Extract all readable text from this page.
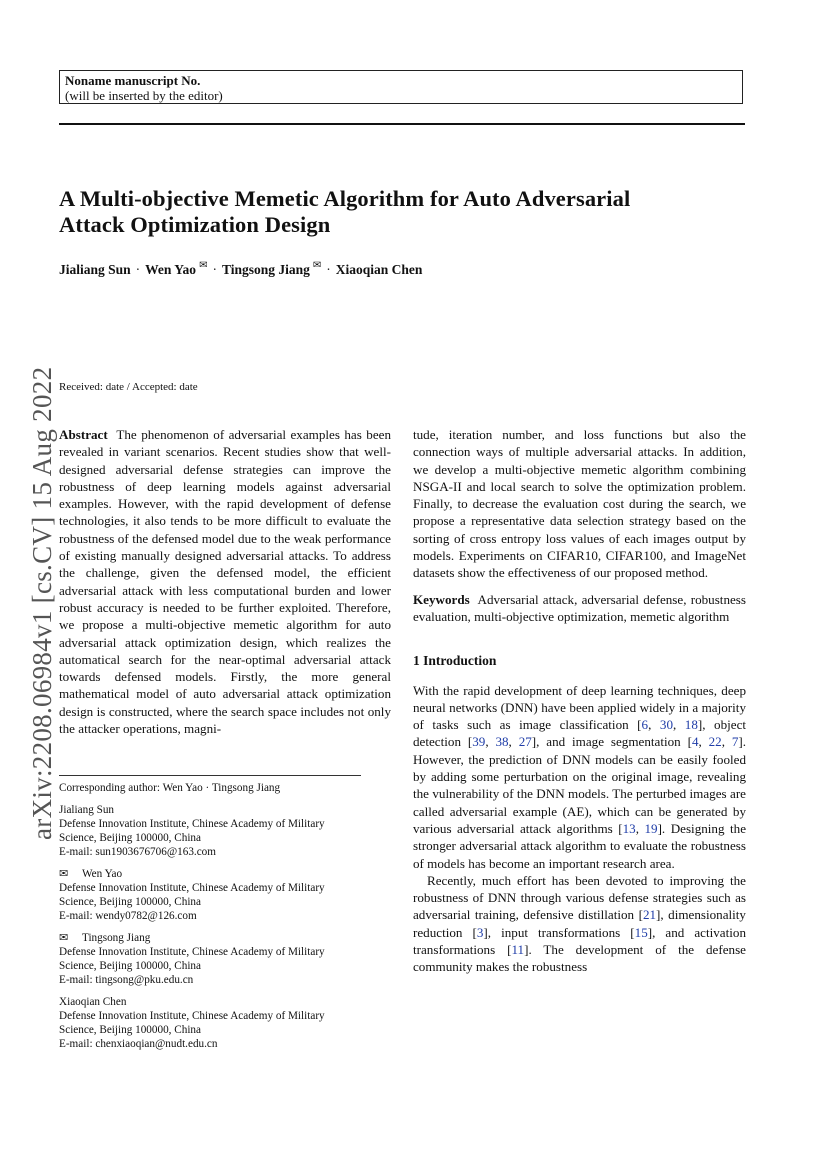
Noname manuscript No.
(will be inserted by the editor)
A Multi-objective Memetic Algorithm for Auto Adversarial
Attack Optimization Design
Jialiang Sun · Wen Yao ✉ · Tingsong Jiang ✉ · Xiaoqian Chen
arXiv:2208.06984v1 [cs.CV] 15 Aug 2022 Received: date / Accepted: date

Abstract The phenomenon of adversarial examples has been revealed in variant scenarios. Recent studies show that well-designed adversarial defense strategies can improve the robustness of deep learning models against adversarial examples. However, with the rapid development of defense technologies, it also tends to be more difficult to evaluate the robustness of the defensed model due to the weak performance of existing manually designed adversarial attacks. To address the challenge, given the defensed model, the efficient adversarial attack with less computational burden and lower robust accuracy is needed to be further exploited. Therefore, we propose a multi-objective memetic algorithm for auto adversarial attack optimization design, which realizes the automatical search for the near-optimal adversarial attack towards defensed models. Firstly, the more general mathematical model of auto adversarial attack optimization design is constructed, where the search space includes not only the attacker operations, magni-

Corresponding author: Wen Yao · Tingsong Jiang
Jialiang Sun
Defense Innovation Institute, Chinese Academy of Military
Science, Beijing 100000, China
E-mail: sun1903676706@163.com
✉ Wen Yao
Defense Innovation Institute, Chinese Academy of Military
Science, Beijing 100000, China
E-mail: wendy0782@126.com
✉ Tingsong Jiang
Defense Innovation Institute, Chinese Academy of Military
Science, Beijing 100000, China
E-mail: tingsong@pku.edu.cn
Xiaoqian Chen
Defense Innovation Institute, Chinese Academy of Military
Science, Beijing 100000, China
E-mail: chenxiaoqian@nudt.edu.cn

tude, iteration number, and loss functions but also the connection ways of multiple adversarial attacks. In addition, we develop a multi-objective memetic algorithm combining NSGA-II and local search to solve the optimization problem. Finally, to decrease the evaluation cost during the search, we propose a representative data selection strategy based on the sorting of cross entropy loss values of each images output by models. Experiments on CIFAR10, CIFAR100, and ImageNet datasets show the effectiveness of our proposed method.

Keywords Adversarial attack, adversarial defense, robustness evaluation, multi-objective optimization, memetic algorithm

1 Introduction

With the rapid development of deep learning techniques, deep neural networks (DNN) have been applied widely in a majority of tasks such as image classification [6, 30, 18], object detection [39, 38, 27], and image segmentation [4, 22, 7]. However, the prediction of DNN models can be easily fooled by adding some perturbation on the original image, revealing the vulnerability of the DNN models. The perturbed images are called adversarial example (AE), which can be generated by various adversarial attack algorithms [13, 19]. Designing the stronger adversarial attack algorithm to evaluate the robustness of models has become an important research area.

Recently, much effort has been devoted to improving the robustness of DNN through various defense strategies such as adversarial training, defensive distillation [21], dimensionality reduction [3], input transformations [15], and activation transformations [11]. The development of the defense community makes the robustness
